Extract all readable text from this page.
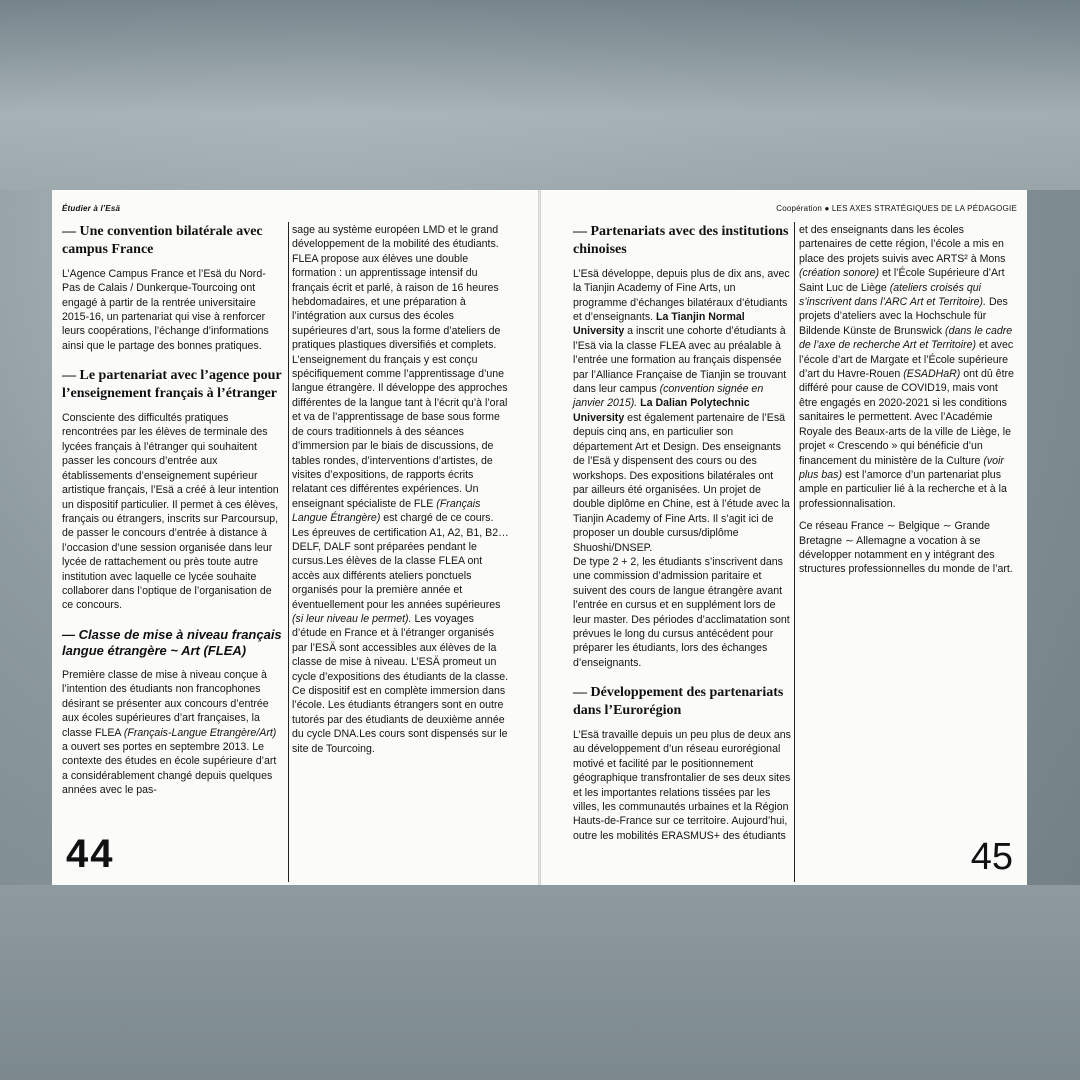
Étudier à l’Esä
— Une convention bilatérale avec campus France

L’Agence Campus France et l’Esä du Nord-Pas de Calais / Dunkerque-Tourcoing ont engagé à partir de la rentrée universitaire 2015-16, un partenariat qui vise à renforcer leurs coopérations, l’échange d’informations ainsi que le partage des bonnes pratiques.

— Le partenariat avec l’agence pour l’enseignement français à l’étranger

Consciente des difficultés pratiques rencontrées par les élèves de terminale des lycées français à l’étranger qui souhaitent passer les concours d’entrée aux établissements d’enseignement supérieur artistique français, l’Esä a créé à leur intention un dispositif particulier. Il permet à ces élèves, français ou étrangers, inscrits sur Parcoursup, de passer le concours d’entrée à distance à l’occasion d’une session organisée dans leur lycée de rattachement ou près toute autre institution avec laquelle ce lycée souhaite collaborer dans l’optique de l’organisation de ce concours.

— Classe de mise à niveau français langue étrangère ~ Art (FLEA)

Première classe de mise à niveau conçue à l’intention des étudiants non francophones désirant se présenter aux concours d’entrée aux écoles supérieures d’art françaises, la classe FLEA (Français-Langue Etrangère/Art) a ouvert ses portes en septembre 2013. Le contexte des études en école supérieure d’art a considérablement changé depuis quelques années avec le pas-

sage au système européen LMD et le grand développement de la mobilité des étudiants. FLEA propose aux élèves une double formation : un apprentissage intensif du français écrit et parlé, à raison de 16 heures hebdomadaires, et une préparation à l’intégration aux cursus des écoles supérieures d’art, sous la forme d’ateliers de pratiques plastiques diversifiés et complets. L’enseignement du français y est conçu spécifiquement comme l’apprentissage d’une langue étrangère. Il développe des approches différentes de la langue tant à l’écrit qu’à l’oral et va de l’apprentissage de base sous forme de cours traditionnels à des séances d’immersion par le biais de discussions, de tables rondes, d’interventions d’artistes, de visites d’expositions, de rapports écrits relatant ces différentes expériences. Un enseignant spécialiste de FLE (Français Langue Étrangère) est chargé de ce cours. Les épreuves de certification A1, A2, B1, B2… DELF, DALF sont préparées pendant le cursus.Les élèves de la classe FLEA ont accès aux différents ateliers ponctuels organisés pour la première année et éventuellement pour les années supérieures (si leur niveau le permet). Les voyages d’étude en France et à l’étranger organisés par l’ESÄ sont accessibles aux élèves de la classe de mise à niveau. L’ESÄ promeut un cycle d’expositions des étudiants de la classe. Ce dispositif est en complète immersion dans l’école. Les étudiants étrangers sont en outre tutorés par des étudiants de deuxième année du cycle DNA.Les cours sont dispensés sur le site de Tourcoing.

44
Coopération ● LES AXES STRATÉGIQUES DE LA PÉDAGOGIE
— Partenariats avec des institutions chinoises

L’Esä développe, depuis plus de dix ans, avec la Tianjin Academy of Fine Arts, un programme d’échanges bilatéraux d’étudiants et d’enseignants. La Tianjin Normal University a inscrit une cohorte d’étudiants à l’Esä via la classe FLEA avec au préalable à l’entrée une formation au français dispensée par l’Alliance Française de Tianjin se trouvant dans leur campus (convention signée en janvier 2015). La Dalian Polytechnic University est également partenaire de l’Esä depuis cinq ans, en particulier son département Art et Design. Des enseignants de l’Esä y dispensent des cours ou des workshops. Des expositions bilatérales ont par ailleurs été organisées. Un projet de double diplôme en Chine, est à l’étude avec la Tianjin Academy of Fine Arts. Il s’agit ici de proposer un double cursus/diplôme Shuoshi/DNSEP.

De type 2 + 2, les étudiants s’inscrivent dans une commission d’admission paritaire et suivent des cours de langue étrangère avant l’entrée en cursus et en supplément lors de leur master. Des périodes d’acclimatation sont prévues le long du cursus antécédent pour préparer les étudiants, lors des échanges d’enseignants.

— Développement des partenariats dans l’Eurorégion

L’Esä travaille depuis un peu plus de deux ans au développement d’un réseau eurorégional motivé et facilité par le positionnement géographique transfrontalier de ses deux sites et les importantes relations tissées par les villes, les communautés urbaines et la Région Hauts-de-France sur ce territoire. Aujourd’hui, outre les mobilités ERASMUS+ des étudiants

et des enseignants dans les écoles partenaires de cette région, l’école a mis en place des projets suivis avec ARTS² à Mons (création sonore) et l’École Supérieure d’Art Saint Luc de Liège (ateliers croisés qui s’inscrivent dans l’ARC Art et Territoire). Des projets d’ateliers avec la Hochschule für Bildende Künste de Brunswick (dans le cadre de l’axe de recherche Art et Territoire) et avec l’école d’art de Margate et l’École supérieure d’art du Havre-Rouen (ESADHaR) ont dû être différé pour cause de COVID19, mais vont être engagés en 2020-2021 si les conditions sanitaires le permettent. Avec l’Académie Royale des Beaux-arts de la ville de Liège, le projet « Crescendo » qui bénéficie d’un financement du ministère de la Culture (voir plus bas) est l’amorce d’un partenariat plus ample en particulier lié à la recherche et à la professionnalisation.

Ce réseau France ∼ Belgique ∼ Grande Bretagne ∼ Allemagne a vocation à se développer notamment en y intégrant des structures professionnelles du monde de l’art.

45
